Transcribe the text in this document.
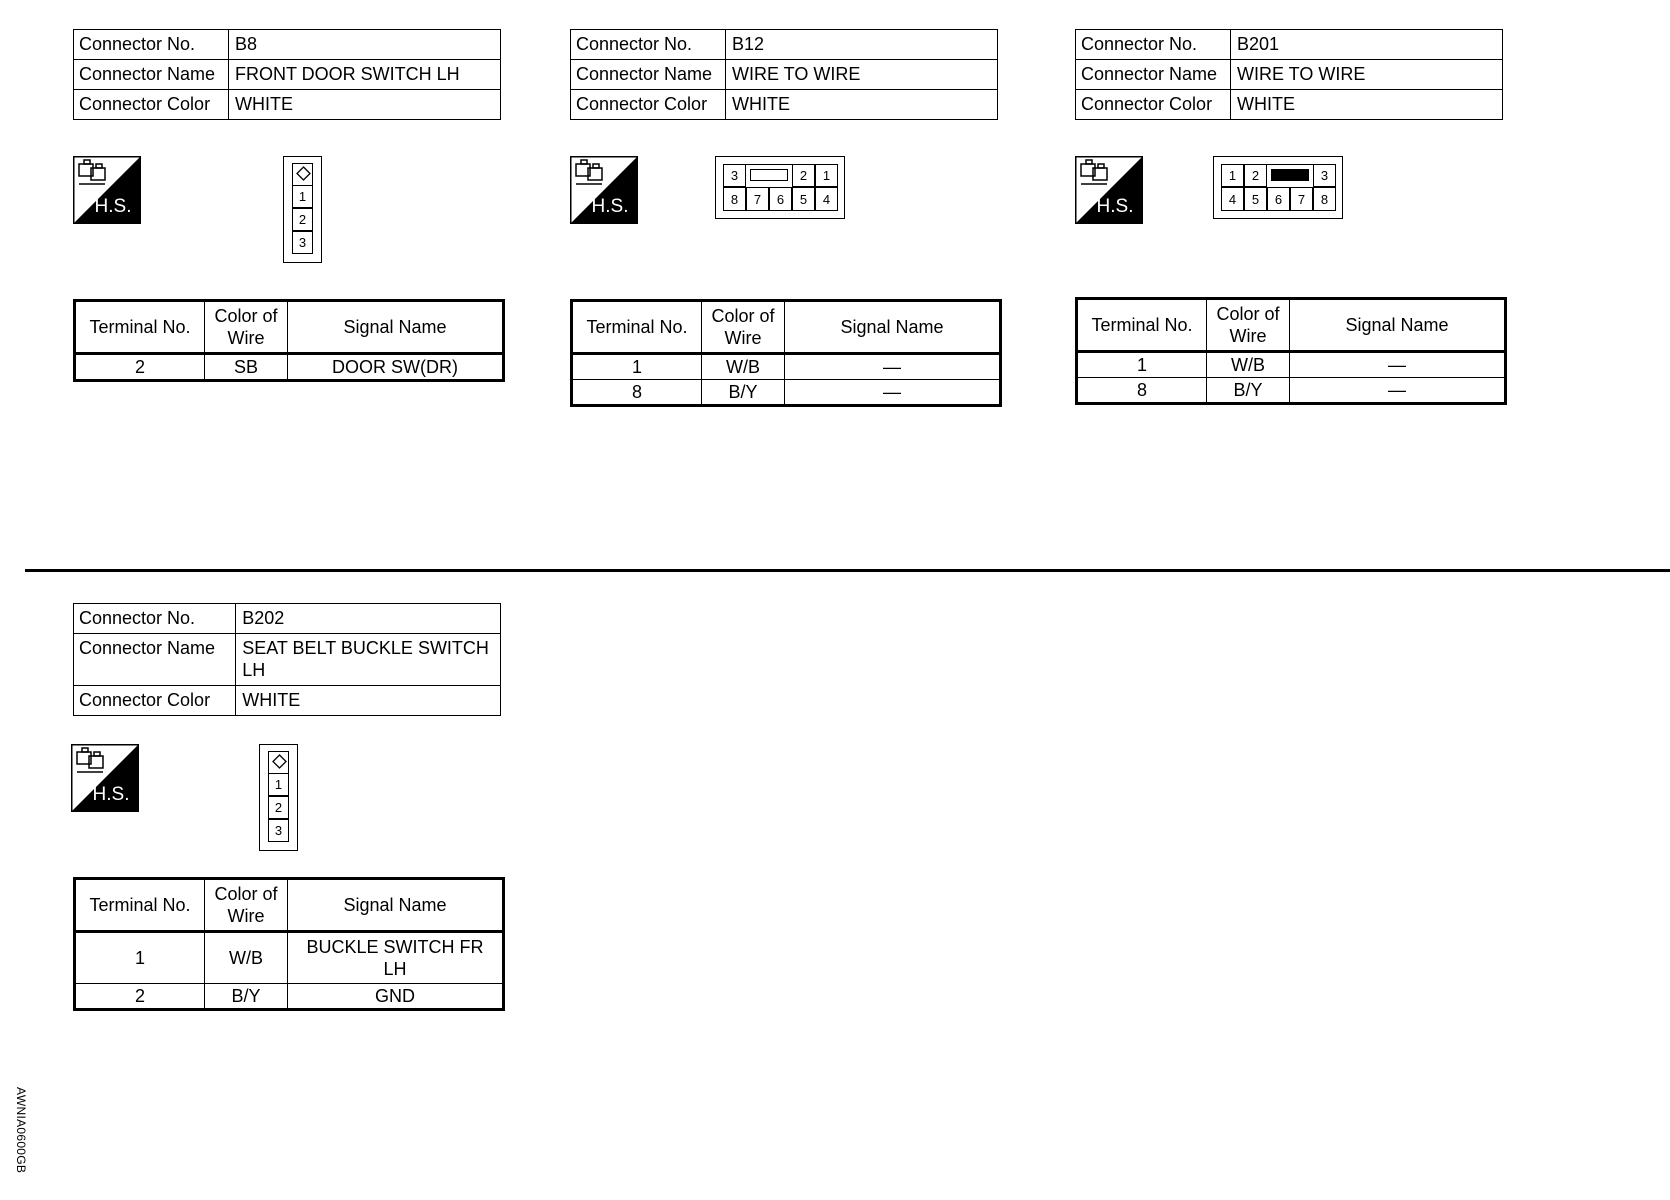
Connector No.	B8
Connector Name	FRONT DOOR SWITCH LH
Connector Color	WHITE
H.S.	1
2
3
Terminal No.	Color of Wire	Signal Name
2	SB	DOOR SW(DR)
Connector No.	B12
Connector Name	WIRE TO WIRE
Connector Color	WHITE
H.S.
3	2	1
8	7	6	5	4
Terminal No.	Color of Wire	Signal Name
1	W/B	—
8	B/Y	—
Connector No.	B201
Connector Name	WIRE TO WIRE
Connector Color	WHITE
H.S.
1	2	3
4	5	6	7	8
Terminal No.	Color of Wire	Signal Name
1	W/B	—
8	B/Y	—
Connector No.	B202
Connector Name	SEAT BELT BUCKLE SWITCH LH
Connector Color	WHITE
H.S.	1
2
3
Terminal No.	Color of Wire	Signal Name
1	W/B	BUCKLE SWITCH FR LH
2	B/Y	GND
AWNIA0600GB
